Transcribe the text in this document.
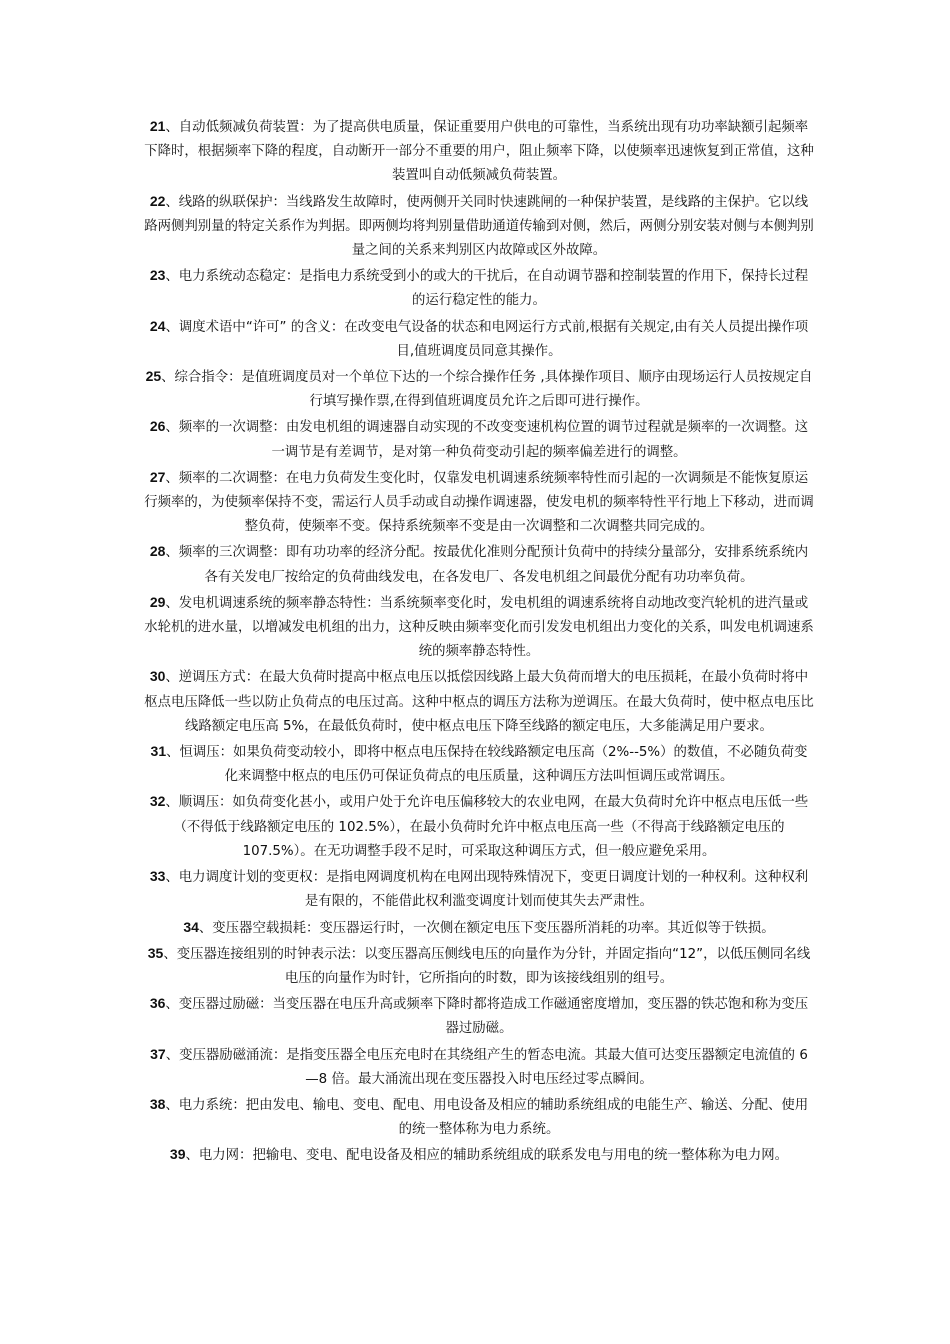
21、自动低频减负荷装置：为了提高供电质量，保证重要用户供电的可靠性，当系统出现有功功率缺额引起频率下降时，根据频率下降的程度，自动断开一部分不重要的用户，阻止频率下降，以使频率迅速恢复到正常值，这种装置叫自动低频减负荷装置。

22、线路的纵联保护：当线路发生故障时，使两侧开关同时快速跳闸的一种保护装置，是线路的主保护。它以线路两侧判别量的特定关系作为判据。即两侧均将判别量借助通道传输到对侧，然后，两侧分别安装对侧与本侧判别量之间的关系来判别区内故障或区外故障。

23、电力系统动态稳定：是指电力系统受到小的或大的干扰后，在自动调节器和控制装置的作用下，保持长过程的运行稳定性的能力。

24、调度术语中“许可” 的含义：在改变电气设备的状态和电网运行方式前,根据有关规定,由有关人员提出操作项目,值班调度员同意其操作。

25、综合指令：是值班调度员对一个单位下达的一个综合操作任务 ,具体操作项目、顺序由现场运行人员按规定自行填写操作票,在得到值班调度员允许之后即可进行操作。

26、频率的一次调整：由发电机组的调速器自动实现的不改变变速机构位置的调节过程就是频率的一次调整。这一调节是有差调节，是对第一种负荷变动引起的频率偏差进行的调整。

27、频率的二次调整：在电力负荷发生变化时，仅靠发电机调速系统频率特性而引起的一次调频是不能恢复原运行频率的，为使频率保持不变，需运行人员手动或自动操作调速器，使发电机的频率特性平行地上下移动，进而调整负荷，使频率不变。保持系统频率不变是由一次调整和二次调整共同完成的。

28、频率的三次调整：即有功功率的经济分配。按最优化准则分配预计负荷中的持续分量部分，安排系统系统内各有关发电厂按给定的负荷曲线发电，在各发电厂、各发电机组之间最优分配有功功率负荷。

29、发电机调速系统的频率静态特性：当系统频率变化时，发电机组的调速系统将自动地改变汽轮机的进汽量或水轮机的进水量，以增减发电机组的出力，这种反映由频率变化而引发发电机组出力变化的关系，叫发电机调速系统的频率静态特性。

30、逆调压方式：在最大负荷时提高中枢点电压以抵偿因线路上最大负荷而增大的电压损耗，在最小负荷时将中枢点电压降低一些以防止负荷点的电压过高。这种中枢点的调压方法称为逆调压。在最大负荷时，使中枢点电压比线路额定电压高 5%，在最低负荷时，使中枢点电压下降至线路的额定电压，大多能满足用户要求。

31、恒调压：如果负荷变动较小，即将中枢点电压保持在较线路额定电压高（2%--5%）的数值，不必随负荷变化来调整中枢点的电压仍可保证负荷点的电压质量，这种调压方法叫恒调压或常调压。

32、顺调压：如负荷变化甚小，或用户处于允许电压偏移较大的农业电网，在最大负荷时允许中枢点电压低一些（不得低于线路额定电压的 102.5%），在最小负荷时允许中枢点电压高一些（不得高于线路额定电压的 107.5%）。在无功调整手段不足时，可采取这种调压方式，但一般应避免采用。

33、电力调度计划的变更权：是指电网调度机构在电网出现特殊情况下，变更日调度计划的一种权利。这种权利是有限的，不能借此权利滥变调度计划而使其失去严肃性。

34、变压器空载损耗：变压器运行时，一次侧在额定电压下变压器所消耗的功率。其近似等于铁损。

35、变压器连接组别的时钟表示法：以变压器高压侧线电压的向量作为分针，并固定指向“12”，以低压侧同名线电压的向量作为时针，它所指向的时数，即为该接线组别的组号。

36、变压器过励磁：当变压器在电压升高或频率下降时都将造成工作磁通密度增加，变压器的铁芯饱和称为变压器过励磁。

37、变压器励磁涌流：是指变压器全电压充电时在其绕组产生的暂态电流。其最大值可达变压器额定电流值的 6—8 倍。最大涌流出现在变压器投入时电压经过零点瞬间。

38、电力系统：把由发电、输电、变电、配电、用电设备及相应的辅助系统组成的电能生产、输送、分配、使用的统一整体称为电力系统。

39、电力网：把输电、变电、配电设备及相应的辅助系统组成的联系发电与用电的统一整体称为电力网。
